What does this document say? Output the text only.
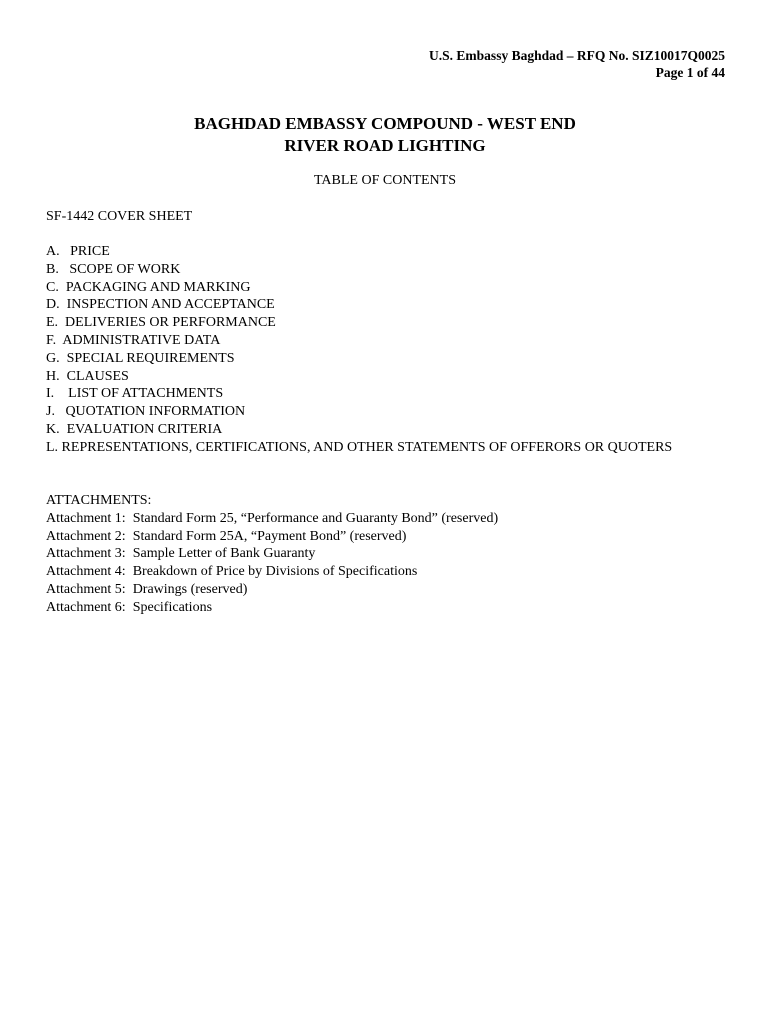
U.S. Embassy Baghdad – RFQ No. SIZ10017Q0025
Page 1 of 44
BAGHDAD EMBASSY COMPOUND - WEST END
RIVER ROAD LIGHTING
TABLE OF CONTENTS
SF-1442 COVER SHEET
A.   PRICE
B.   SCOPE OF WORK
C.  PACKAGING AND MARKING
D.  INSPECTION AND ACCEPTANCE
E.  DELIVERIES OR PERFORMANCE
F.  ADMINISTRATIVE DATA
G.  SPECIAL REQUIREMENTS
H.  CLAUSES
I.    LIST OF ATTACHMENTS
J.   QUOTATION INFORMATION
K.  EVALUATION CRITERIA
L. REPRESENTATIONS, CERTIFICATIONS, AND OTHER STATEMENTS OF OFFERORS OR QUOTERS
ATTACHMENTS:
Attachment 1:  Standard Form 25, “Performance and Guaranty Bond” (reserved)
Attachment 2:  Standard Form 25A, “Payment Bond” (reserved)
Attachment 3:  Sample Letter of Bank Guaranty
Attachment 4:  Breakdown of Price by Divisions of Specifications
Attachment 5:  Drawings (reserved)
Attachment 6:  Specifications
